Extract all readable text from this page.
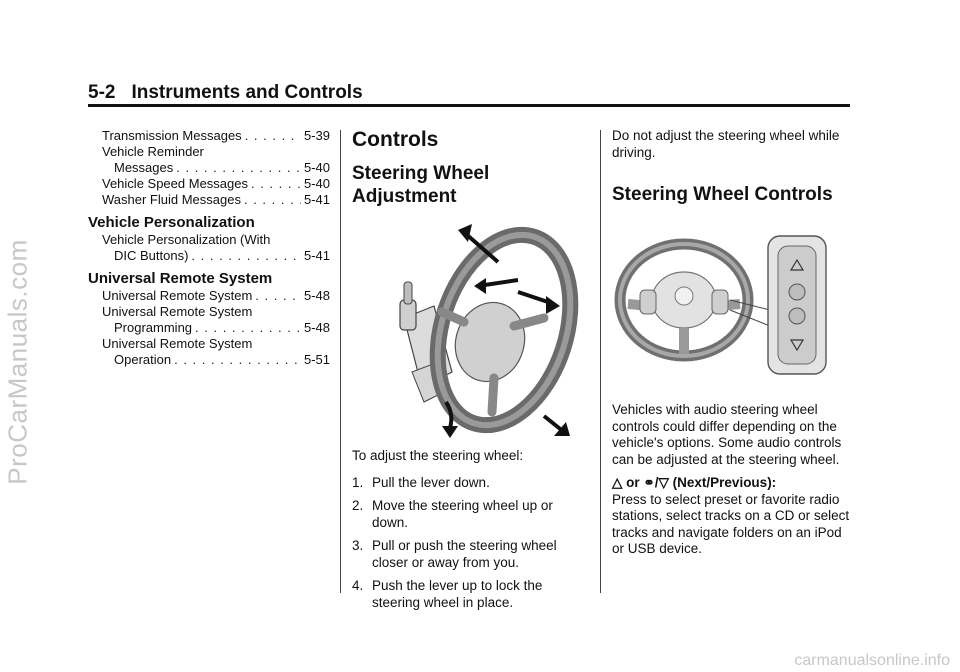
5-2 Instruments and Controls
ProCarManuals.com
Transmission Messages . . .	5-39
Vehicle Reminder
Messages . . .	5-40
Vehicle Speed Messages . . .	5-40
Washer Fluid Messages . . .	5-41
Vehicle Personalization
Vehicle Personalization (With
DIC Buttons) . . .	5-41
Universal Remote System
Universal Remote System . . .	5-48
Universal Remote System
Programming . . .	5-48
Universal Remote System
Operation . . .	5-51
Controls
Steering Wheel
Adjustment

To adjust the steering wheel:

1. Pull the lever down.
2. Move the steering wheel up or down.
3. Pull or push the steering wheel closer or away from you.
4. Push the lever up to lock the steering wheel in place.

Do not adjust the steering wheel while driving.

Steering Wheel Controls

Vehicles with audio steering wheel controls could differ depending on the vehicle's options. Some audio controls can be adjusted at the steering wheel.

△ or ⚭/▽ (Next/Previous):
Press to select preset or favorite radio stations, select tracks on a CD or select tracks and navigate folders on an iPod or USB device.
carmanualsonline.info
